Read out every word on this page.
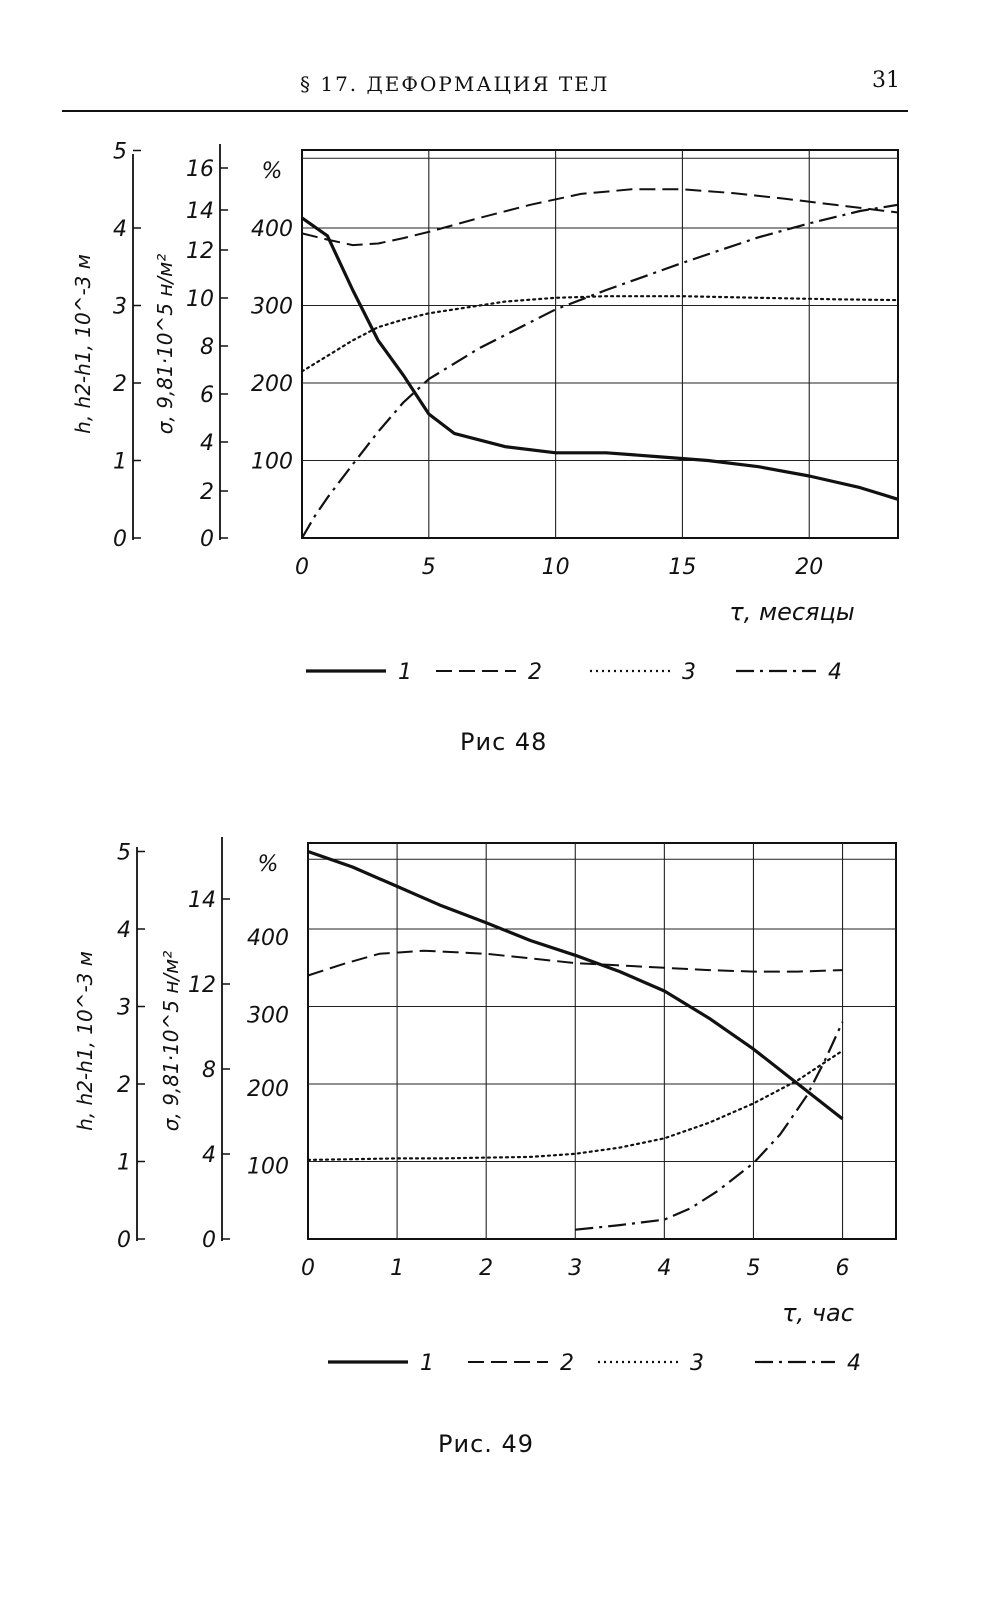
§ 17. ДЕФОРМАЦИЯ ТЕЛ	31
0	5	10	15	20
τ, месяцы
0
1
2
3
4
5
h, h2-h1, 10^-3 м
0
2
4
6
8
10
12
14
16
σ, 9,81·10^5 н/м²
%
100
200
300
400
1	2	3	4
Рис 48
0	1	2	3	4	5	6
τ, час
0
1
2
3
4
5
h, h2-h1, 10^-3 м
0
4
8
12
14
σ, 9,81·10^5 н/м²
%
100
200
300
400
1	2	3	4
Рис. 49
